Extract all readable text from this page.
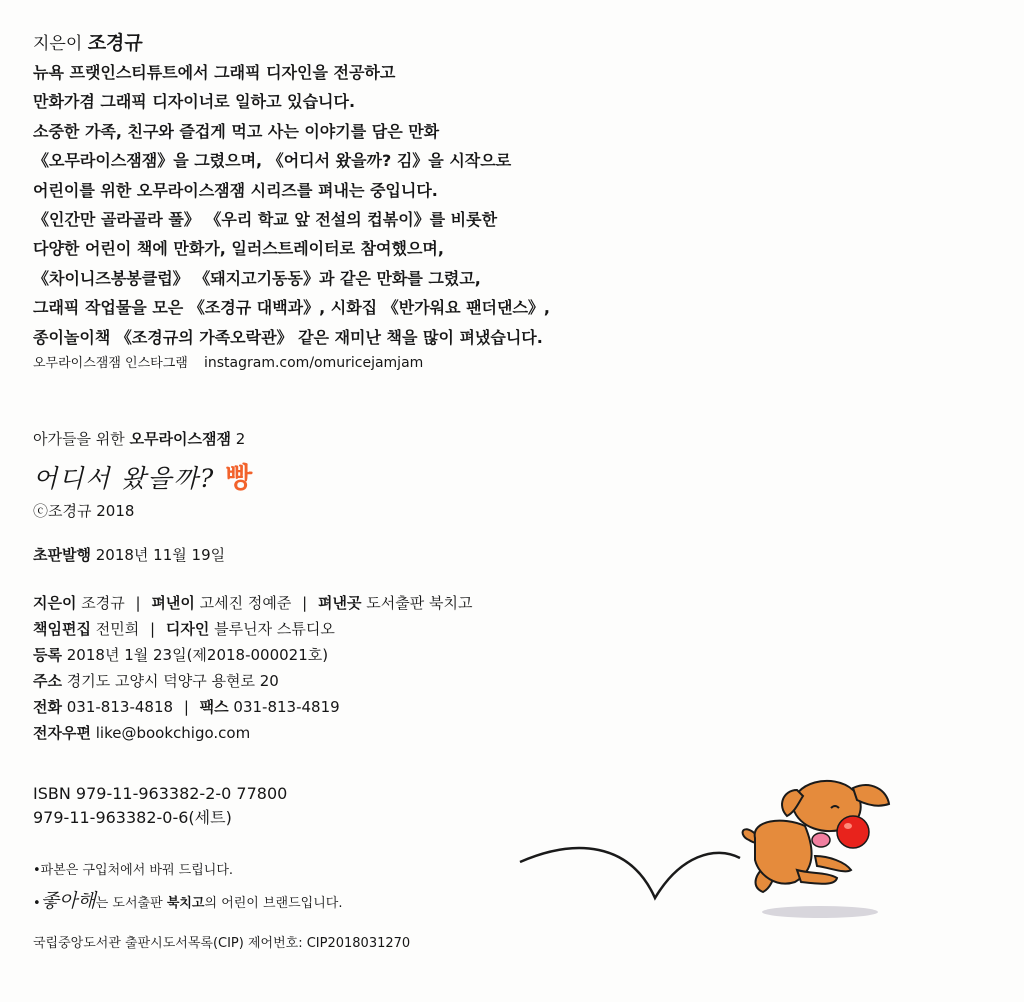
지은이 조경규
뉴욕 프랫인스티튜트에서 그래픽 디자인을 전공하고
만화가겸 그래픽 디자이너로 일하고 있습니다.
소중한 가족, 친구와 즐겁게 먹고 사는 이야기를 담은 만화
《오무라이스잼잼》을 그렸으며, 《어디서 왔을까? 김》을 시작으로
어린이를 위한 오무라이스잼잼 시리즈를 펴내는 중입니다.
《인간만 골라골라 풀》 《우리 학교 앞 전설의 컵볶이》를 비롯한
다양한 어린이 책에 만화가, 일러스트레이터로 참여했으며,
《차이니즈봉봉클럽》 《돼지고기동동》과 같은 만화를 그렸고,
그래픽 작업물을 모은 《조경규 대백과》, 시화집 《반가워요 팬더댄스》,
종이놀이책 《조경규의 가족오락관》 같은 재미난 책을 많이 펴냈습니다.
오무라이스잼잼 인스타그램 instagram.com/omuricejamjam
아가들을 위한 오무라이스잼잼 2
어디서 왔을까? 빵
ⓒ조경규 2018
초판발행 2018년 11월 19일
지은이 조경규 | 펴낸이 고세진 정예준 | 펴낸곳 도서출판 북치고
책임편집 전민희 | 디자인 블루닌자 스튜디오
등록 2018년 1월 23일(제2018-000021호)
주소 경기도 고양시 덕양구 용현로 20
전화 031-813-4818 | 팩스 031-813-4819
전자우편 like@bookchigo.com
ISBN 979-11-963382-2-0 77800
979-11-963382-0-6(세트)
•파본은 구입처에서 바꿔 드립니다.
•좋아해는 도서출판 북치고의 어린이 브랜드입니다.
국립중앙도서관 출판시도서목록(CIP) 제어번호: CIP2018031270
